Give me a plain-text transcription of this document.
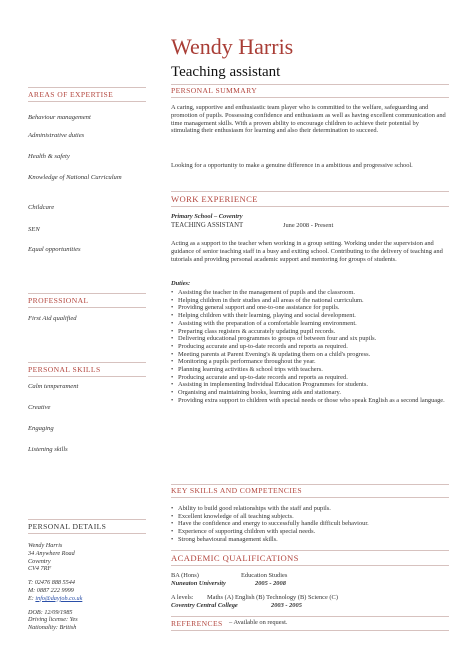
Wendy Harris
Teaching assistant
AREAS OF EXPERTISE
Behaviour management
Administrative duties
Health & safety
Knowledge of National Curriculum
Childcare
SEN
Equal opportunities
PROFESSIONAL
First Aid qualified
PERSONAL SKILLS
Calm temperament
Creative
Engaging
Listening skills
PERSONAL DETAILS
Wendy Harris
34 Anywhere Road
Coventry
CV4 7RF
T: 02476 888 5544
M: 0887 222 9999
E: info@dayjob.co.uk
DOB: 12/09/1985
Driving license: Yes
Nationality: British
PERSONAL SUMMARY
A caring, supportive and enthusiastic team player who is committed to the welfare, safeguarding and promotion of pupils. Possessing confidence and enthusiasm as well as having excellent communication and time management skills. With a proven ability to encourage children to achieve their potential by stimulating their enthusiasm for learning and also their determination to succeed.
Looking for a opportunity to make a genuine difference in a ambitious and progressive school.
WORK EXPERIENCE
Primary School – Coventry
TEACHING ASSISTANT	June 2008 - Present
Acting as a support to the teacher when working in a group setting. Working under the supervision and guidance of senior teaching staff in a busy and exiting school. Contributing to the delivery of teaching and tutorials and providing personal academic support and mentoring for groups of students.
Duties:
• Assisting the teacher in the management of pupils and the classroom.
• Helping children in their studies and all areas of the national curriculum.
• Providing general support and one-to-one assistance for pupils.
• Helping children with their learning, playing and social development.
• Assisting with the preparation of a comfortable learning environment.
• Preparing class registers & accurately updating pupil records.
• Delivering educational programmes to groups of between four and six pupils.
• Producing accurate and up-to-date records and reports as required.
• Meeting parents at Parent Evening's & updating them on a child's progress.
• Monitoring a pupils performance throughout the year.
• Planning learning activities & school trips with teachers.
• Producing accurate and up-to-date records and reports as required.
• Assisting in implementing Individual Education Programmes for students.
• Organising and maintaining books, learning aids and stationary.
• Providing extra support to children with special needs or those who speak English as a second language.
KEY SKILLS AND COMPETENCIES
• Ability to build good relationships with the staff and pupils.
• Excellent knowledge of all teaching subjects.
• Have the confidence and energy to successfully handle difficult behaviour.
• Experience of supporting children with special needs.
• Strong behavioural management skills.
ACADEMIC QUALIFICATIONS
BA (Hons)	Education Studies
Nuneaton University	2005 - 2008
A levels: Maths (A) English (B) Technology (B) Science (C)
Coventry Central College	2003 - 2005
REFERENCES – Available on request.
